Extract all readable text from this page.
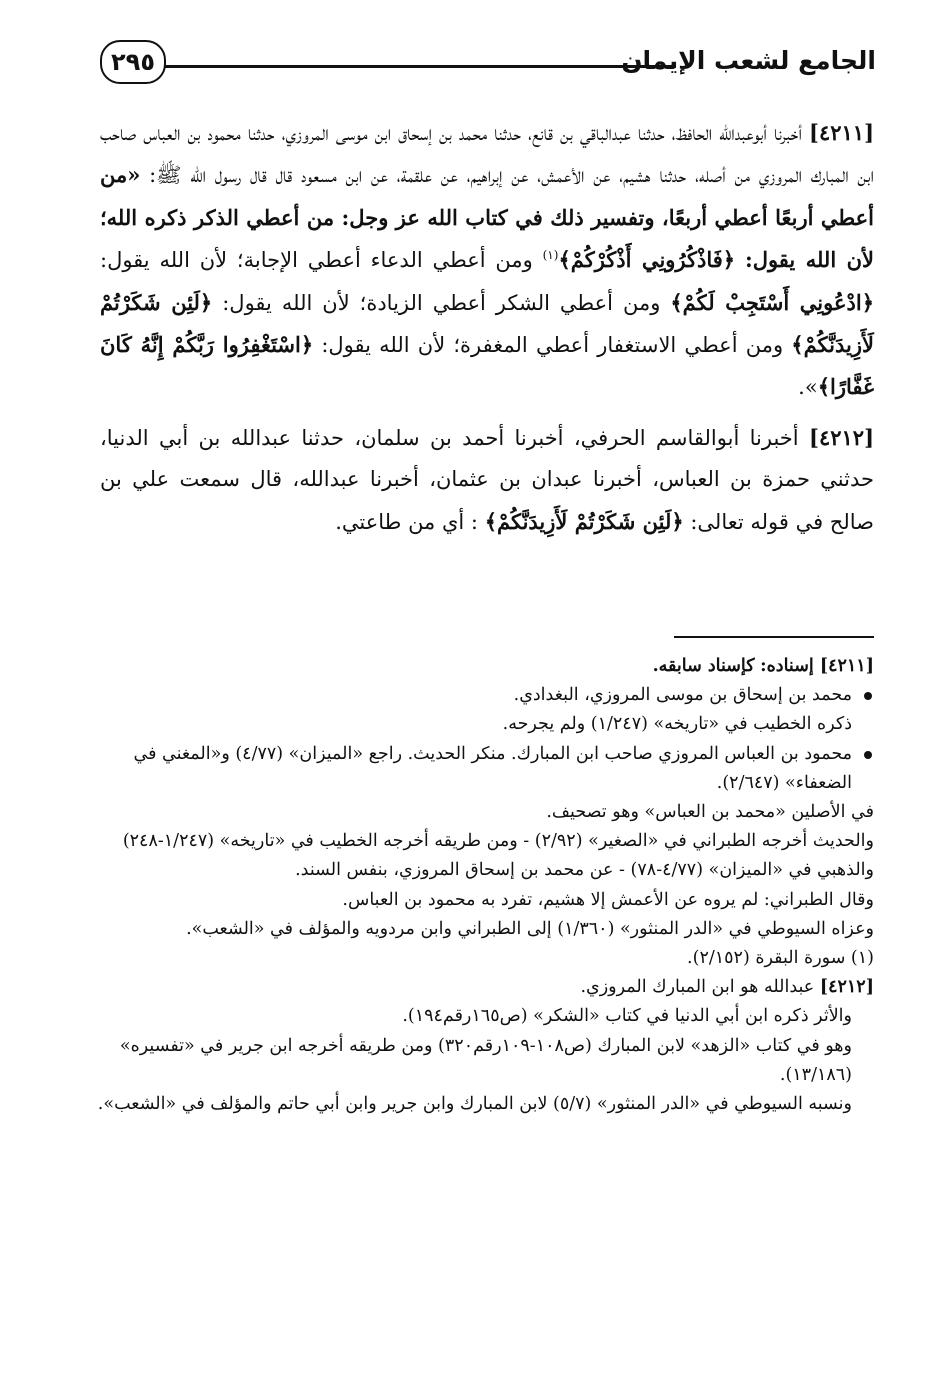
الجامع لشعب الإيمان
٢٩٥

[٤٢١١] أخبرنا أبوعبدالله الحافظ، حدثنا عبدالباقي بن قانع، حدثنا محمد بن إسحاق ابن موسى المروزي، حدثنا محمود بن العباس صاحب ابن المبارك المروزي من أصله، حدثنا هشيم، عن الأعمش، عن إبراهيم، عن علقمة، عن ابن مسعود قال قال رسول الله ﷺ: «من أعطي أربعًا أعطي أربعًا، وتفسير ذلك في كتاب الله عز وجل: من أعطي الذكر ذكره الله؛ لأن الله يقول: ﴿فَاذْكُرُونِي أَذْكُرْكُمْ﴾$^{(١)}$ ومن أعطي الدعاء أعطي الإجابة؛ لأن الله يقول: ﴿ادْعُونِي أَسْتَجِبْ لَكُمْ﴾ ومن أعطي الشكر أعطي الزيادة؛ لأن الله يقول: ﴿لَئِن شَكَرْتُمْ لَأَزِيدَنَّكُمْ﴾ ومن أعطي الاستغفار أعطي المغفرة؛ لأن الله يقول: ﴿اسْتَغْفِرُوا رَبَّكُمْ إِنَّهُ كَانَ غَفَّارًا﴾».

[٤٢١٢] أخبرنا أبوالقاسم الحرفي، أخبرنا أحمد بن سلمان، حدثنا عبدالله بن أبي الدنيا، حدثني حمزة بن العباس، أخبرنا عبدان بن عثمان، أخبرنا عبدالله، قال سمعت علي بن صالح في قوله تعالى: ﴿لَئِن شَكَرْتُمْ لَأَزِيدَنَّكُمْ﴾ : أي من طاعتي.

[٤٢١١] إسناده: كإسناد سابقه.
محمد بن إسحاق بن موسى المروزي، البغدادي.
ذكره الخطيب في «تاريخه» (١/٢٤٧) ولم يجرحه.
محمود بن العباس المروزي صاحب ابن المبارك. منكر الحديث. راجع «الميزان» (٤/٧٧) و«المغني في الضعفاء» (٢/٦٤٧).
في الأصلين «محمد بن العباس» وهو تصحيف.
والحديث أخرجه الطبراني في «الصغير» (٢/٩٢) - ومن طريقه أخرجه الخطيب في «تاريخه» (١/٢٤٧-٢٤٨) والذهبي في «الميزان» (٤/٧٧-٧٨) - عن محمد بن إسحاق المروزي، بنفس السند.
وقال الطبراني: لم يروه عن الأعمش إلا هشيم، تفرد به محمود بن العباس.
وعزاه السيوطي في «الدر المنثور» (١/٣٦٠) إلى الطبراني وابن مردويه والمؤلف في «الشعب».
(١) سورة البقرة (٢/١٥٢).
[٤٢١٢] عبدالله هو ابن المبارك المروزي.
والأثر ذكره ابن أبي الدنيا في كتاب «الشكر» (ص١٦٥رقم١٩٤).
وهو في كتاب «الزهد» لابن المبارك (ص١٠٨-١٠٩رقم٣٢٠) ومن طريقه أخرجه ابن جرير في «تفسيره» (١٣/١٨٦).
ونسبه السيوطي في «الدر المنثور» (٥/٧) لابن المبارك وابن جرير وابن أبي حاتم والمؤلف في «الشعب».
